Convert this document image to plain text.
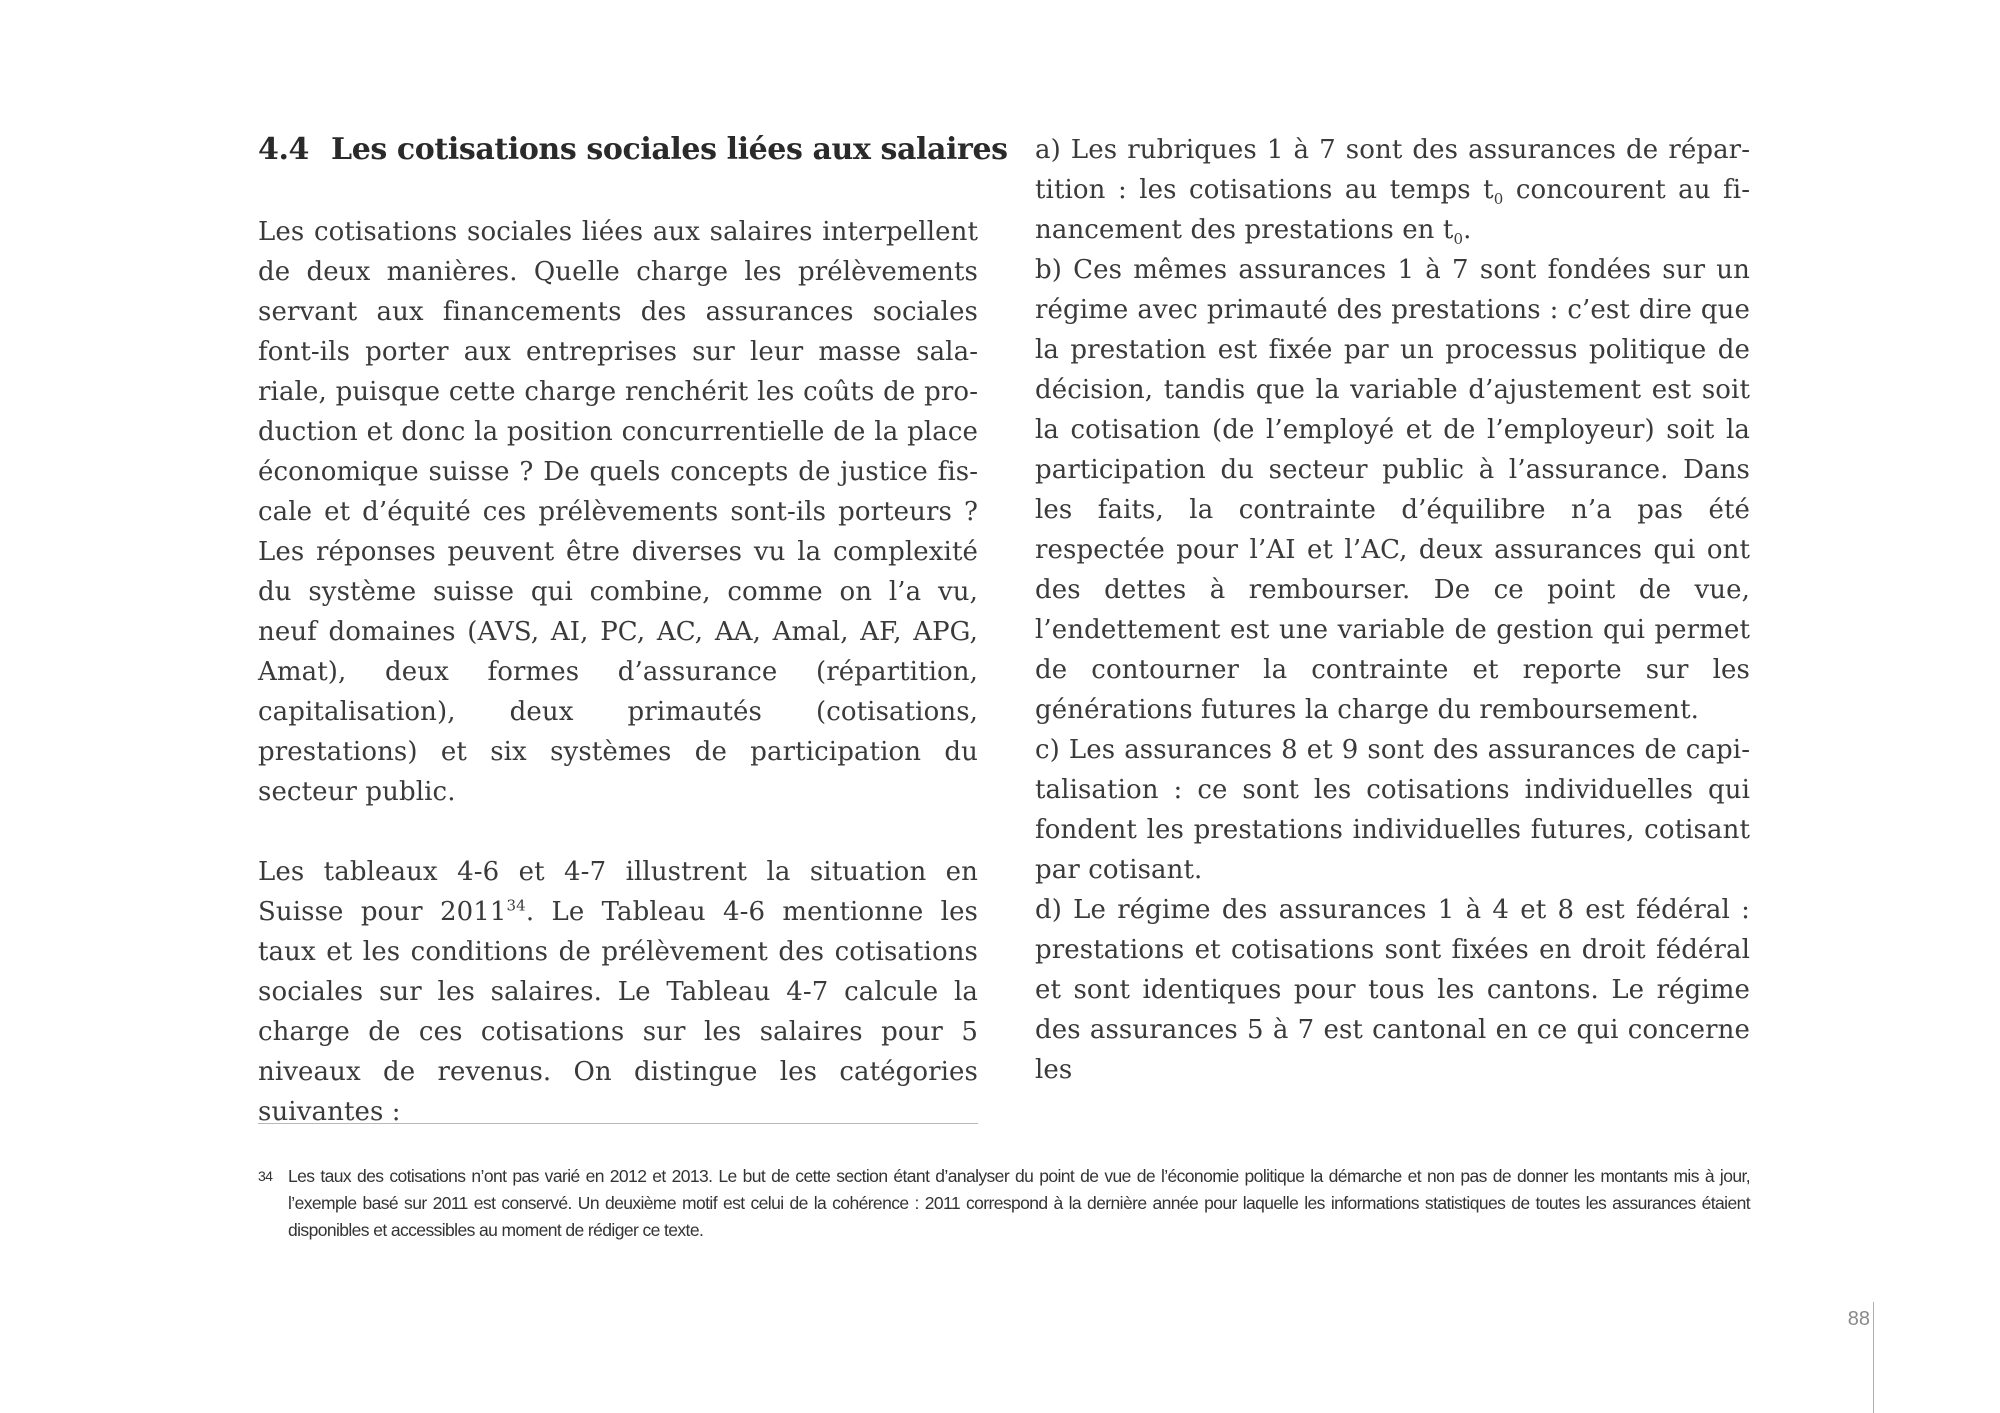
4.4 Les cotisations sociales liées aux salaires

Les cotisations sociales liées aux salaires interpellent de deux manières. Quelle charge les prélèvements servant aux financements des assurances sociales font-ils porter aux entreprises sur leur masse salariale, puisque cette charge renchérit les coûts de production et donc la position concurrentielle de la place économique suisse ? De quels concepts de justice fiscale et d’équité ces prélèvements sont-ils porteurs ? Les réponses peuvent être diverses vu la complexité du système suisse qui combine, comme on l’a vu, neuf domaines (AVS, AI, PC, AC, AA, Amal, AF, APG, Amat), deux formes d’assurance (répartition, capitalisation), deux primautés (cotisations, prestations) et six systèmes de participation du secteur public.

Les tableaux 4-6 et 4-7 illustrent la situation en Suisse pour 2011$^{34}$. Le Tableau 4-6 mentionne les taux et les conditions de prélèvement des cotisations sociales sur les salaires. Le Tableau 4-7 calcule la charge de ces cotisations sur les salaires pour 5 niveaux de revenus. On distingue les catégories suivantes :

a) Les rubriques 1 à 7 sont des assurances de répartition : les cotisations au temps $t_0$ concourent au financement des prestations en $t_0$.

b) Ces mêmes assurances 1 à 7 sont fondées sur un régime avec primauté des prestations : c’est dire que la prestation est fixée par un processus politique de décision, tandis que la variable d’ajustement est soit la cotisation (de l’employé et de l’employeur) soit la participation du secteur public à l’assurance. Dans les faits, la contrainte d’équilibre n’a pas été respectée pour l’AI et l’AC, deux assurances qui ont des dettes à rembourser. De ce point de vue, l’endettement est une variable de gestion qui permet de contourner la contrainte et reporte sur les générations futures la charge du remboursement.

c) Les assurances 8 et 9 sont des assurances de capitalisation : ce sont les cotisations individuelles qui fondent les prestations individuelles futures, cotisant par cotisant.

d) Le régime des assurances 1 à 4 et 8 est fédéral : prestations et cotisations sont fixées en droit fédéral et sont identiques pour tous les cantons. Le régime des assurances 5 à 7 est cantonal en ce qui concerne les

34 Les taux des cotisations n’ont pas varié en 2012 et 2013. Le but de cette section étant d’analyser du point de vue de l’économie politique la démarche et non pas de donner les montants mis à jour, l’exemple basé sur 2011 est conservé. Un deuxième motif est celui de la cohérence : 2011 correspond à la dernière année pour laquelle les informations statistiques de toutes les assurances étaient disponibles et accessibles au moment de rédiger ce texte.
88
